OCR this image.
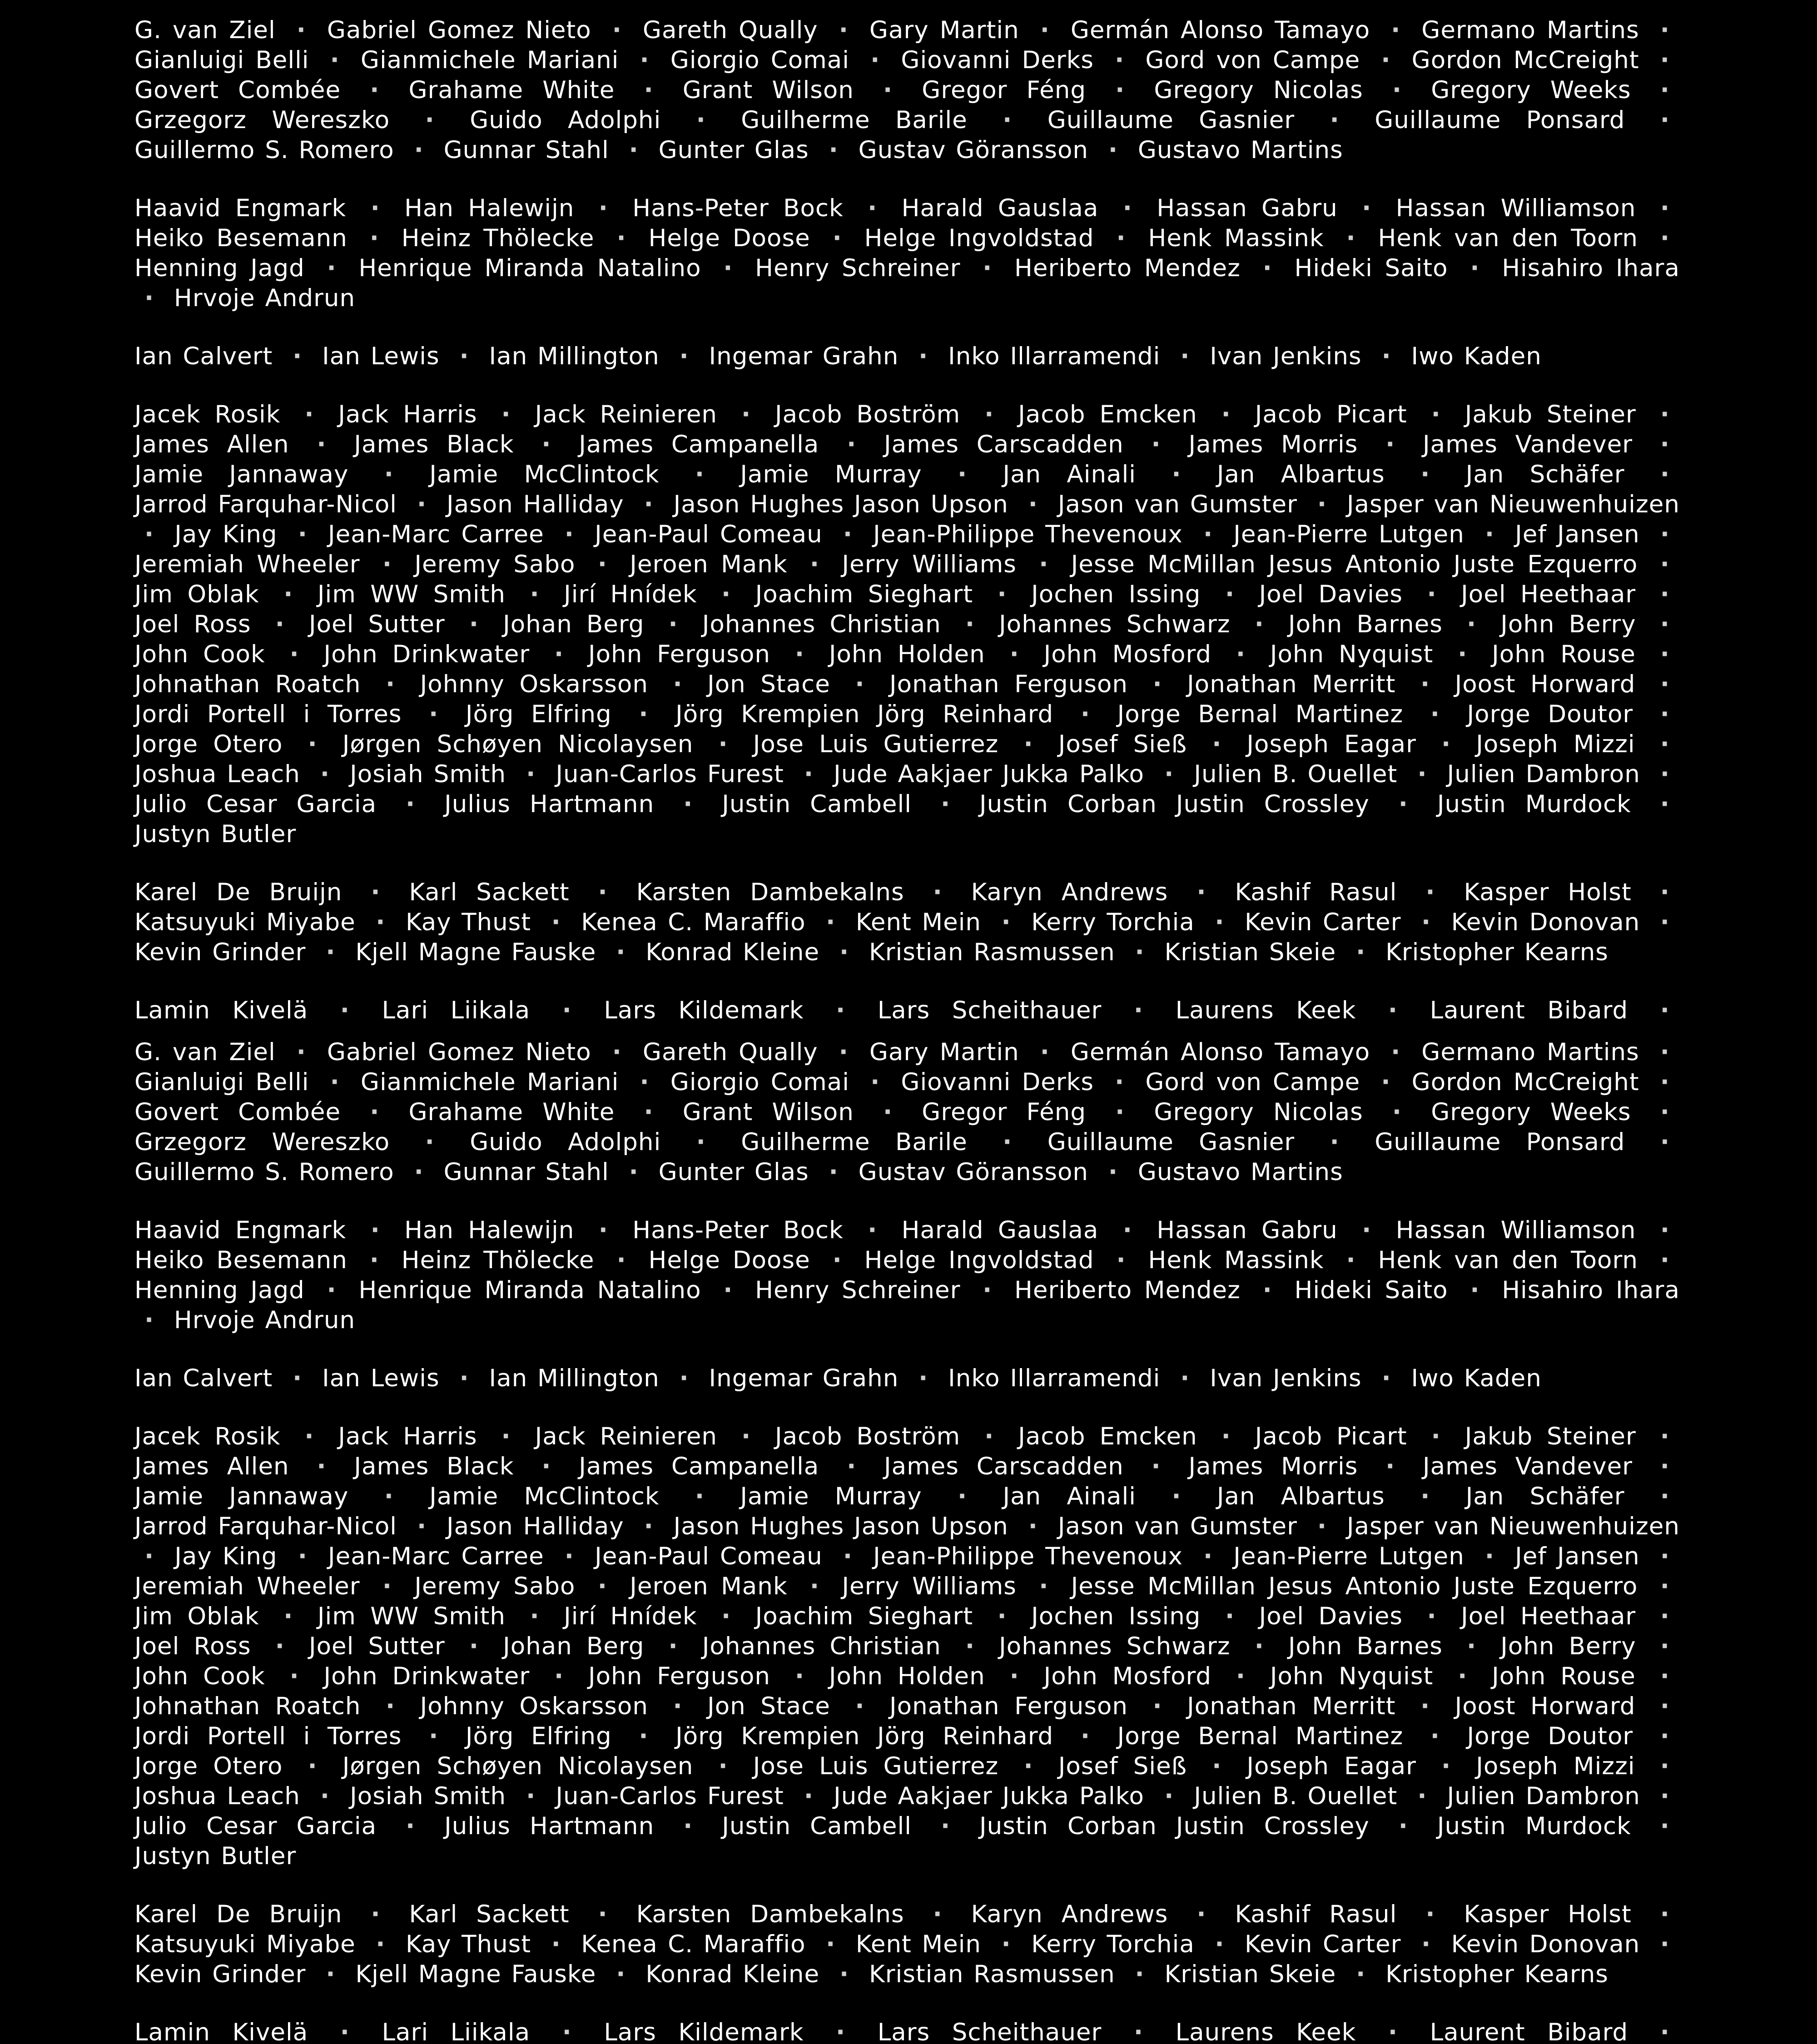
G. van Ziel · Gabriel Gomez Nieto · Gareth Qually · Gary Martin · Germán Alonso Tamayo · Germano Martins · Gianluigi Belli · Gianmichele Mariani · Giorgio Comai · Giovanni Derks · Gord von Campe · Gordon McCreight · Govert Combée · Grahame White · Grant Wilson · Gregor Féng · Gregory Nicolas · Gregory Weeks · Grzegorz Wereszko · Guido Adolphi · Guilherme Barile · Guillaume Gasnier · Guillaume Ponsard · Guillermo S. Romero · Gunnar Stahl · Gunter Glas · Gustav Göransson · Gustavo Martins

Haavid Engmark · Han Halewijn · Hans-Peter Bock · Harald Gauslaa · Hassan Gabru · Hassan Williamson · Heiko Besemann · Heinz Thölecke · Helge Doose · Helge Ingvoldstad · Henk Massink · Henk van den Toorn · Henning Jagd · Henrique Miranda Natalino · Henry Schreiner · Heriberto Mendez · Hideki Saito · Hisahiro Ihara · Hrvoje Andrun

Ian Calvert · Ian Lewis · Ian Millington · Ingemar Grahn · Inko Illarramendi · Ivan Jenkins · Iwo Kaden

Jacek Rosik · Jack Harris · Jack Reinieren · Jacob Boström · Jacob Emcken · Jacob Picart · Jakub Steiner · James Allen · James Black · James Campanella · James Carscadden · James Morris · James Vandever · Jamie Jannaway · Jamie McClintock · Jamie Murray · Jan Ainali · Jan Albartus · Jan Schäfer · Jarrod Farquhar-Nicol · Jason Halliday · Jason Hughes Jason Upson · Jason van Gumster · Jasper van Nieuwenhuizen · Jay King · Jean-Marc Carree · Jean-Paul Comeau · Jean-Philippe Thevenoux · Jean-Pierre Lutgen · Jef Jansen · Jeremiah Wheeler · Jeremy Sabo · Jeroen Mank · Jerry Williams · Jesse McMillan Jesus Antonio Juste Ezquerro · Jim Oblak · Jim WW Smith · Jirí Hnídek · Joachim Sieghart · Jochen Issing · Joel Davies · Joel Heethaar · Joel Ross · Joel Sutter · Johan Berg · Johannes Christian · Johannes Schwarz · John Barnes · John Berry · John Cook · John Drinkwater · John Ferguson · John Holden · John Mosford · John Nyquist · John Rouse · Johnathan Roatch · Johnny Oskarsson · Jon Stace · Jonathan Ferguson · Jonathan Merritt · Joost Horward · Jordi Portell i Torres · Jörg Elfring · Jörg Krempien Jörg Reinhard · Jorge Bernal Martinez · Jorge Doutor · Jorge Otero · Jørgen Schøyen Nicolaysen · Jose Luis Gutierrez · Josef Sieß · Joseph Eagar · Joseph Mizzi · Joshua Leach · Josiah Smith · Juan-Carlos Furest · Jude Aakjaer Jukka Palko · Julien B. Ouellet · Julien Dambron · Julio Cesar Garcia · Julius Hartmann · Justin Cambell · Justin Corban Justin Crossley · Justin Murdock · Justyn Butler

Karel De Bruijn · Karl Sackett · Karsten Dambekalns · Karyn Andrews · Kashif Rasul · Kasper Holst · Katsuyuki Miyabe · Kay Thust · Kenea C. Maraffio · Kent Mein · Kerry Torchia · Kevin Carter · Kevin Donovan · Kevin Grinder · Kjell Magne Fauske · Konrad Kleine · Kristian Rasmussen · Kristian Skeie · Kristopher Kearns

Lamin Kivelä · Lari Liikala · Lars Kildemark · Lars Scheithauer · Laurens Keek · Laurent Bibard ·

G. van Ziel · Gabriel Gomez Nieto · Gareth Qually · Gary Martin · Germán Alonso Tamayo · Germano Martins · Gianluigi Belli · Gianmichele Mariani · Giorgio Comai · Giovanni Derks · Gord von Campe · Gordon McCreight · Govert Combée · Grahame White · Grant Wilson · Gregor Féng · Gregory Nicolas · Gregory Weeks · Grzegorz Wereszko · Guido Adolphi · Guilherme Barile · Guillaume Gasnier · Guillaume Ponsard · Guillermo S. Romero · Gunnar Stahl · Gunter Glas · Gustav Göransson · Gustavo Martins

Haavid Engmark · Han Halewijn · Hans-Peter Bock · Harald Gauslaa · Hassan Gabru · Hassan Williamson · Heiko Besemann · Heinz Thölecke · Helge Doose · Helge Ingvoldstad · Henk Massink · Henk van den Toorn · Henning Jagd · Henrique Miranda Natalino · Henry Schreiner · Heriberto Mendez · Hideki Saito · Hisahiro Ihara · Hrvoje Andrun

Ian Calvert · Ian Lewis · Ian Millington · Ingemar Grahn · Inko Illarramendi · Ivan Jenkins · Iwo Kaden

Jacek Rosik · Jack Harris · Jack Reinieren · Jacob Boström · Jacob Emcken · Jacob Picart · Jakub Steiner · James Allen · James Black · James Campanella · James Carscadden · James Morris · James Vandever · Jamie Jannaway · Jamie McClintock · Jamie Murray · Jan Ainali · Jan Albartus · Jan Schäfer · Jarrod Farquhar-Nicol · Jason Halliday · Jason Hughes Jason Upson · Jason van Gumster · Jasper van Nieuwenhuizen · Jay King · Jean-Marc Carree · Jean-Paul Comeau · Jean-Philippe Thevenoux · Jean-Pierre Lutgen · Jef Jansen · Jeremiah Wheeler · Jeremy Sabo · Jeroen Mank · Jerry Williams · Jesse McMillan Jesus Antonio Juste Ezquerro · Jim Oblak · Jim WW Smith · Jirí Hnídek · Joachim Sieghart · Jochen Issing · Joel Davies · Joel Heethaar · Joel Ross · Joel Sutter · Johan Berg · Johannes Christian · Johannes Schwarz · John Barnes · John Berry · John Cook · John Drinkwater · John Ferguson · John Holden · John Mosford · John Nyquist · John Rouse · Johnathan Roatch · Johnny Oskarsson · Jon Stace · Jonathan Ferguson · Jonathan Merritt · Joost Horward · Jordi Portell i Torres · Jörg Elfring · Jörg Krempien Jörg Reinhard · Jorge Bernal Martinez · Jorge Doutor · Jorge Otero · Jørgen Schøyen Nicolaysen · Jose Luis Gutierrez · Josef Sieß · Joseph Eagar · Joseph Mizzi · Joshua Leach · Josiah Smith · Juan-Carlos Furest · Jude Aakjaer Jukka Palko · Julien B. Ouellet · Julien Dambron · Julio Cesar Garcia · Julius Hartmann · Justin Cambell · Justin Corban Justin Crossley · Justin Murdock · Justyn Butler

Karel De Bruijn · Karl Sackett · Karsten Dambekalns · Karyn Andrews · Kashif Rasul · Kasper Holst · Katsuyuki Miyabe · Kay Thust · Kenea C. Maraffio · Kent Mein · Kerry Torchia · Kevin Carter · Kevin Donovan · Kevin Grinder · Kjell Magne Fauske · Konrad Kleine · Kristian Rasmussen · Kristian Skeie · Kristopher Kearns

Lamin Kivelä · Lari Liikala · Lars Kildemark · Lars Scheithauer · Laurens Keek · Laurent Bibard ·
